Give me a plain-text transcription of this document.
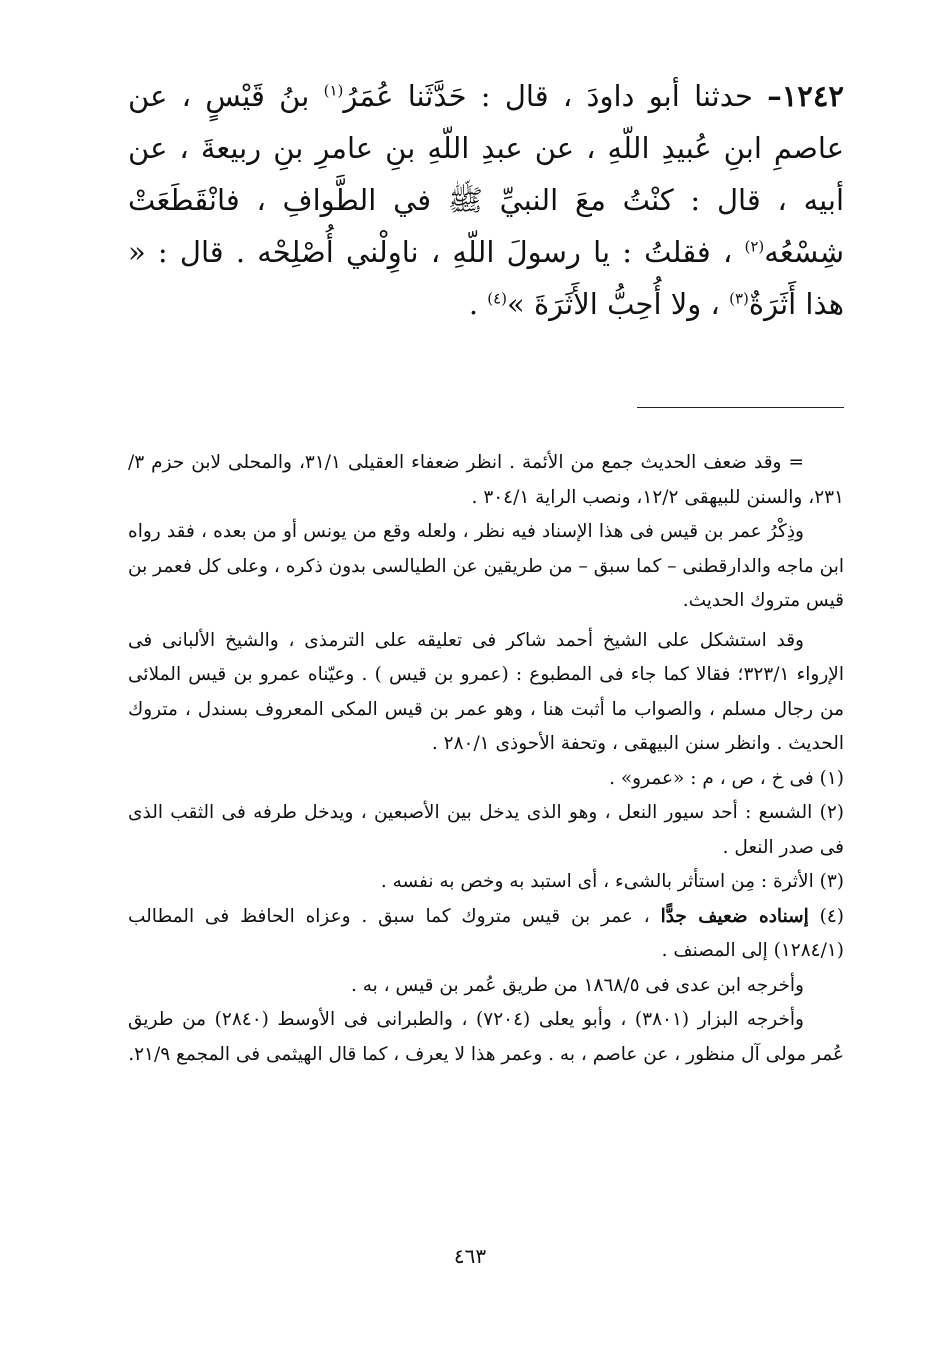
١٢٤٢– حدثنا أبو داودَ ، قال : حَدَّثَنا عُمَرُ$^{(١)}$ بنُ قَيْسٍ ، عن عاصمِ ابنِ عُبيدِ اللّهِ ، عن عبدِ اللّهِ بنِ عامرِ بنِ ربيعةَ ، عن أبيه ، قال : كنْتُ معَ النبيِّ ﷺ في الطَّوافِ ، فانْقَطَعَتْ شِسْعُه$^{(٢)}$ ، فقلتُ : يا رسولَ اللّهِ ، ناوِلْني أُصْلِحْه . قال : « هذا أَثَرَةٌ$^{(٣)}$ ، ولا أُحِبُّ الأَثَرَةَ »$^{(٤)}$ .

= وقد ضعف الحديث جمع من الأئمة . انظر ضعفاء العقيلى ٣١/١، والمحلى لابن حزم ٣/ ٢٣١، والسنن للبيهقى ١٢/٢، ونصب الراية ٣٠٤/١ .

وذِكْرُ عمر بن قيس فى هذا الإسناد فيه نظر ، ولعله وقع من يونس أو من بعده ، فقد رواه ابن ماجه والدارقطنى – كما سبق – من طريقين عن الطيالسى بدون ذكره ، وعلى كل فعمر بن قيس متروك الحديث.

وقد استشكل على الشيخ أحمد شاكر فى تعليقه على الترمذى ، والشيخ الألبانى فى الإرواء ٣٢٣/١؛ فقالا كما جاء فى المطبوع : (عمرو بن قيس ) . وعيّناه عمرو بن قيس الملائى من رجال مسلم ، والصواب ما أثبت هنا ، وهو عمر بن قيس المكى المعروف بسندل ، متروك الحديث . وانظر سنن البيهقى ، وتحفة الأحوذى ٢٨٠/١ .

(١) فى خ ، ص ، م : «عمرو» .

(٢) الشسع : أحد سيور النعل ، وهو الذى يدخل بين الأصبعين ، ويدخل طرفه فى الثقب الذى فى صدر النعل .

(٣) الأثرة : مِن استأثر بالشىء ، أى استبد به وخص به نفسه .

(٤) إسناده ضعيف جدًّا ، عمر بن قيس متروك كما سبق . وعزاه الحافظ فى المطالب (١٢٨٤/١) إلى المصنف .

وأخرجه ابن عدى فى ١٨٦٨/٥ من طريق عُمر بن قيس ، به .

وأخرجه البزار (٣٨٠١) ، وأبو يعلى (٧٢٠٤) ، والطبرانى فى الأوسط (٢٨٤٠) من طريق عُمر مولى آل منظور ، عن عاصم ، به . وعمر هذا لا يعرف ، كما قال الهيثمى فى المجمع ٢١/٩.

٤٦٣
